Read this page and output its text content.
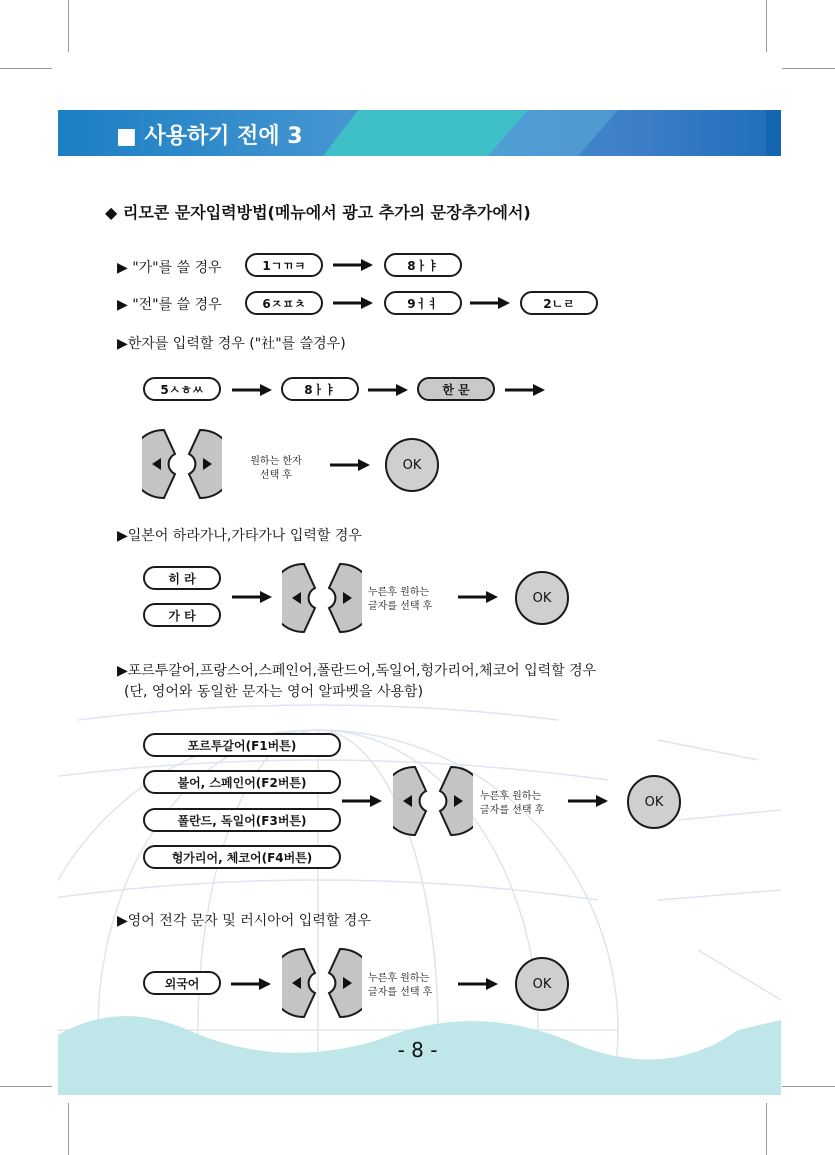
■ 사용하기 전에 3
◆ 리모콘 문자입력방법(메뉴에서 광고 추가의 문장추가에서)
▶ "가"를 쓸 경우	1ㄱㄲㅋ	8ㅏㅑ
▶ "전"를 쓸 경우	6ㅈㅍㅊ	9ㅓㅕ	2ㄴㄹ
▶한자를 입력할 경우 ("社"를 쓸경우)
5ㅅㅎㅆ	8ㅏㅑ	한 문
원하는 한자
선택 후
OK
▶일본어 하라가나,가타가나 입력할 경우
히 라
가 타
누른후 원하는
글자를 선택 후
OK
▶포르투갈어,프랑스어,스페인어,폴란드어,독일어,헝가리어,체코어 입력할 경우
(단, 영어와 동일한 문자는 영어 알파벳을 사용함)
포르투갈어(F1버튼)
불어, 스페인어(F2버튼)
폴란드, 독일어(F3버튼)
헝가리어, 체코어(F4버튼)
누른후 원하는
글자를 선택 후
OK
▶영어 전각 문자 및 러시아어 입력할 경우
외국어	누른후 원하는
글자를 선택 후
OK
- 8 -
